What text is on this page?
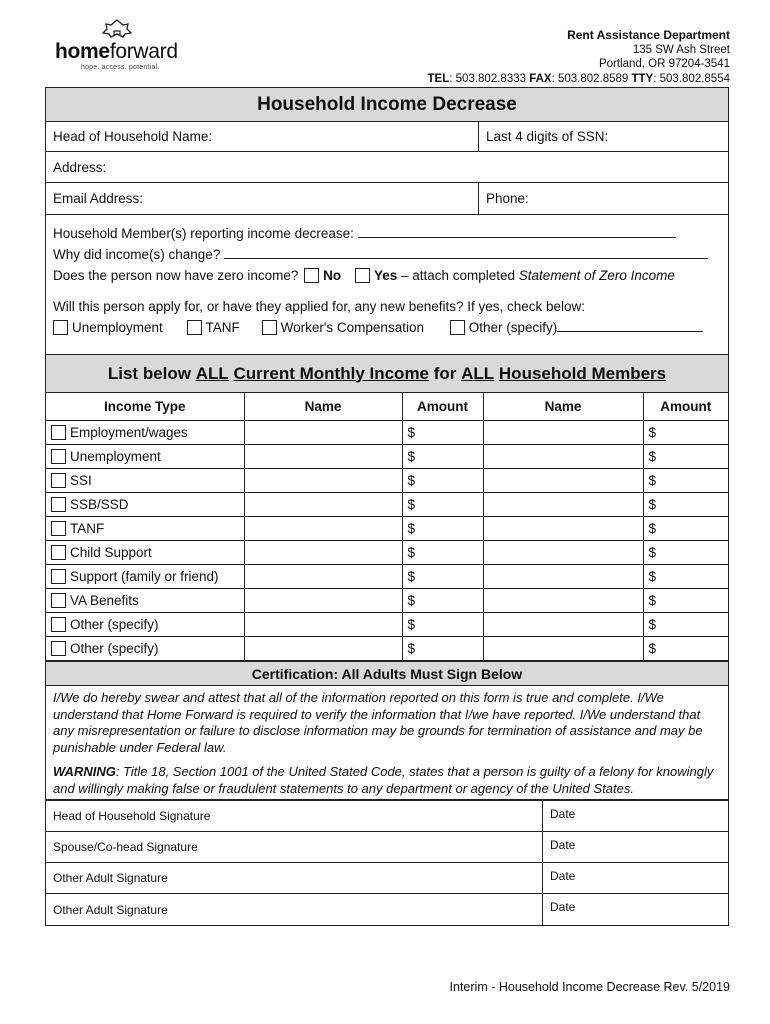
homeforward
hope. access. potential.
Rent Assistance Department
135 SW Ash Street
Portland, OR 97204-3541
TEL: 503.802.8333 FAX: 503.802.8589 TTY: 503.802.8554
Household Income Decrease
Head of Household Name:	Last 4 digits of SSN:
Address:
Email Address:	Phone:
Household Member(s) reporting income decrease:
Why did income(s) change?
Does the person now have zero income? No Yes – attach completed Statement of Zero Income
Will this person apply for, or have they applied for, any new benefits? If yes, check below:
Unemployment	TANF	Worker's Compensation	Other (specify)
List below ALL
Current Monthly Income for ALL
Household Members
Income Type	Name	Amount	Name	Amount
Employment/wages		$		$
Unemployment		$		$
SSI		$		$
SSB/SSD		$		$
TANF		$		$
Child Support		$		$
Support (family or friend)		$		$
VA Benefits		$		$
Other (specify)		$		$
Other (specify)		$		$
Certification: All Adults Must Sign Below

I/We do hereby swear and attest that all of the information reported on this form is true and complete. I/We understand that Home Forward is required to verify the information that I/we have reported. I/We understand that any misrepresentation or failure to disclose information may be grounds for termination of assistance and may be punishable under Federal law.

WARNING: Title 18, Section 1001 of the United Stated Code, states that a person is guilty of a felony for knowingly and willingly making false or fraudulent statements to any department or agency of the United States.

Head of Household Signature	Date
Spouse/Co-head Signature	Date
Other Adult Signature	Date
Other Adult Signature	Date
Interim - Household Income Decrease Rev. 5/2019
